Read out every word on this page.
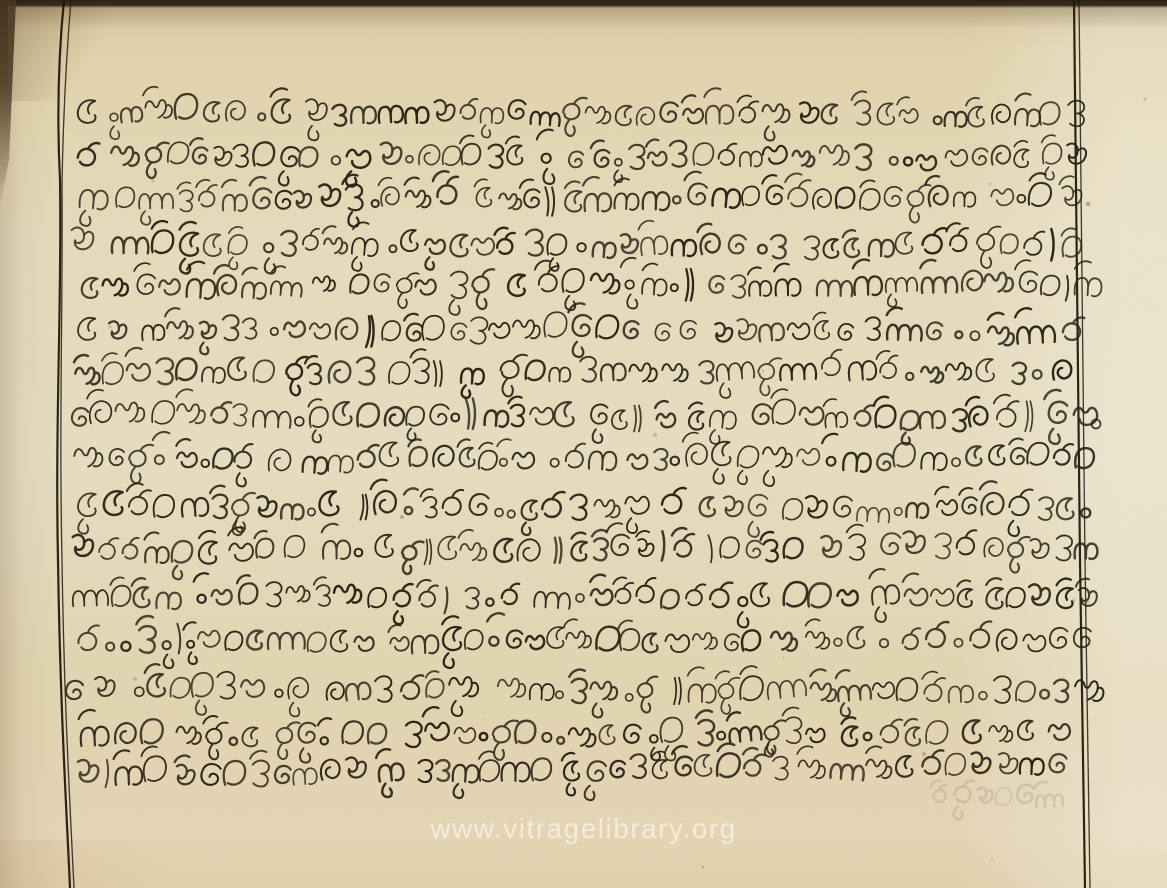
www.vitragelibrary.org
